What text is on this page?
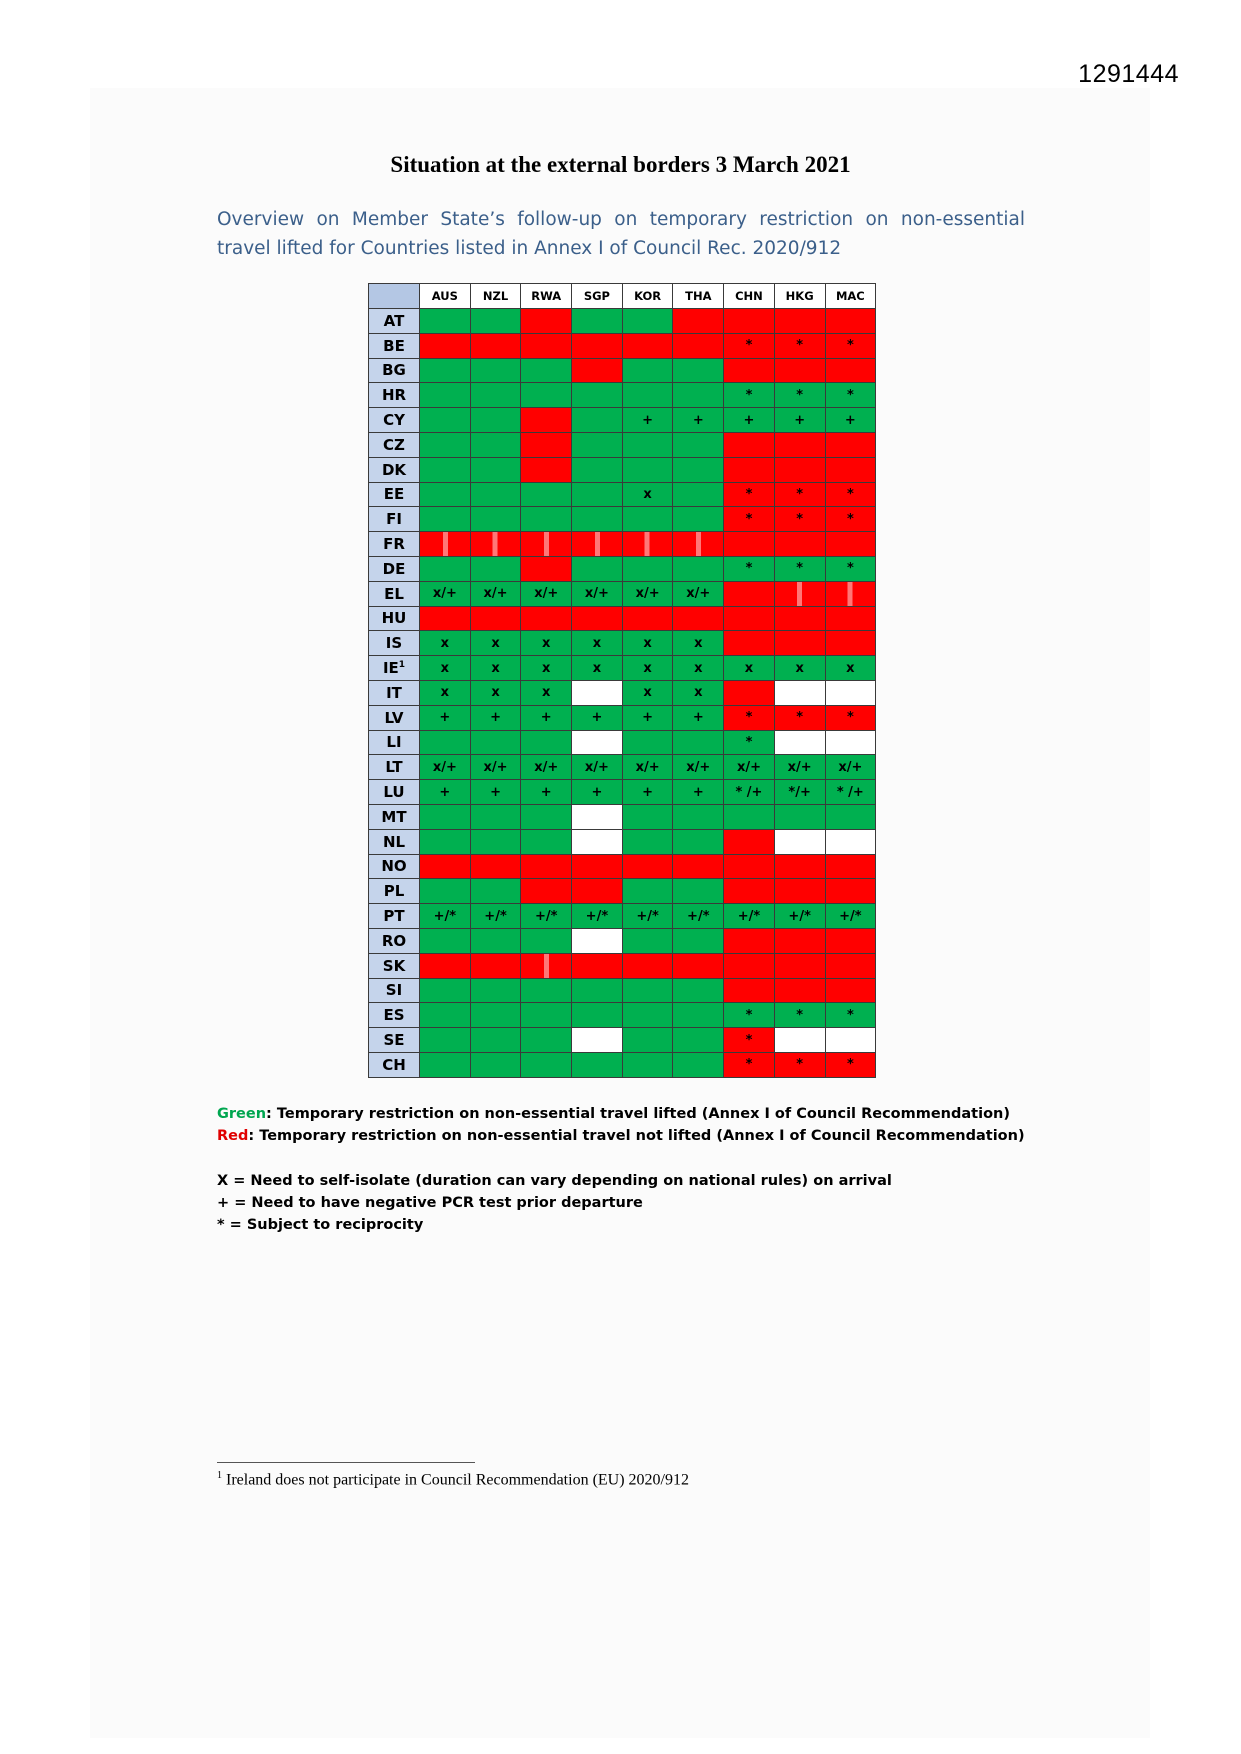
1291444
Situation at the external borders 3 March 2021
Overview on Member State’s follow-up on temporary restriction on non-essential travel lifted for Countries listed in Annex I of Council Rec. 2020/912
	AUS	NZL	RWA	SGP	KOR	THA	CHN	HKG	MAC
AT									
BE							*	*	*
BG									
HR							*	*	*
CY					+	+	+	+	+
CZ									
DK									
EE					x		*	*	*
FI							*	*	*
FR									
DE							*	*	*
EL	x/+	x/+	x/+	x/+	x/+	x/+			
HU									
IS	x	x	x	x	x	x			
$IE^1$	x	x	x	x	x	x	x	x	x
IT	x	x	x		x	x			
LV	+	+	+	+	+	+	*	*	*
LI							*		
LT	x/+	x/+	x/+	x/+	x/+	x/+	x/+	x/+	x/+
LU	+	+	+	+	+	+	* /+	*/+	* /+
MT									
NL									
NO									
PL									
PT	+/*	+/*	+/*	+/*	+/*	+/*	+/*	+/*	+/*
RO									
SK									
SI									
ES							*	*	*
SE							*		
CH							*	*	*
Green: Temporary restriction on non-essential travel lifted (Annex I of Council Recommendation)
Red: Temporary restriction on non-essential travel not lifted (Annex I of Council Recommendation)
X = Need to self-isolate (duration can vary depending on national rules) on arrival
+ = Need to have negative PCR test prior departure
* = Subject to reciprocity
$^1$ Ireland does not participate in Council Recommendation (EU) 2020/912
